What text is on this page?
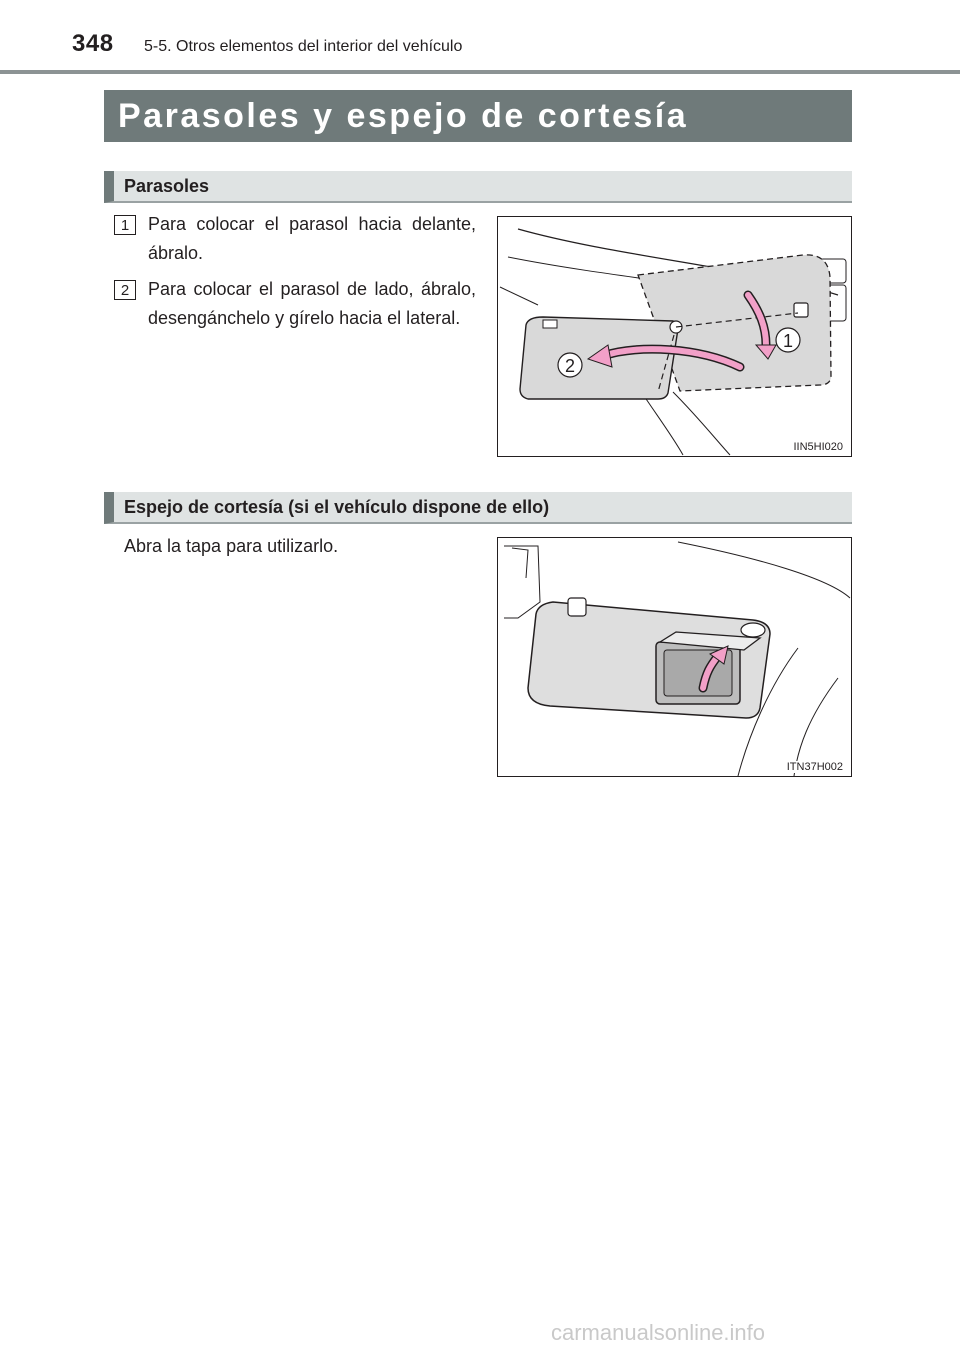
348 5-5. Otros elementos del interior del vehículo
Parasoles y espejo de cortesía
Parasoles
1	Para colocar el parasol hacia delante, ábralo.
2	Para colocar el parasol de lado, ábralo, desengánchelo y gírelo hacia el lateral.
1
2
IIN5HI020
Espejo de cortesía (si el vehículo dispone de ello)
Abra la tapa para utilizarlo.
ITN37H002
carmanualsonline.info
